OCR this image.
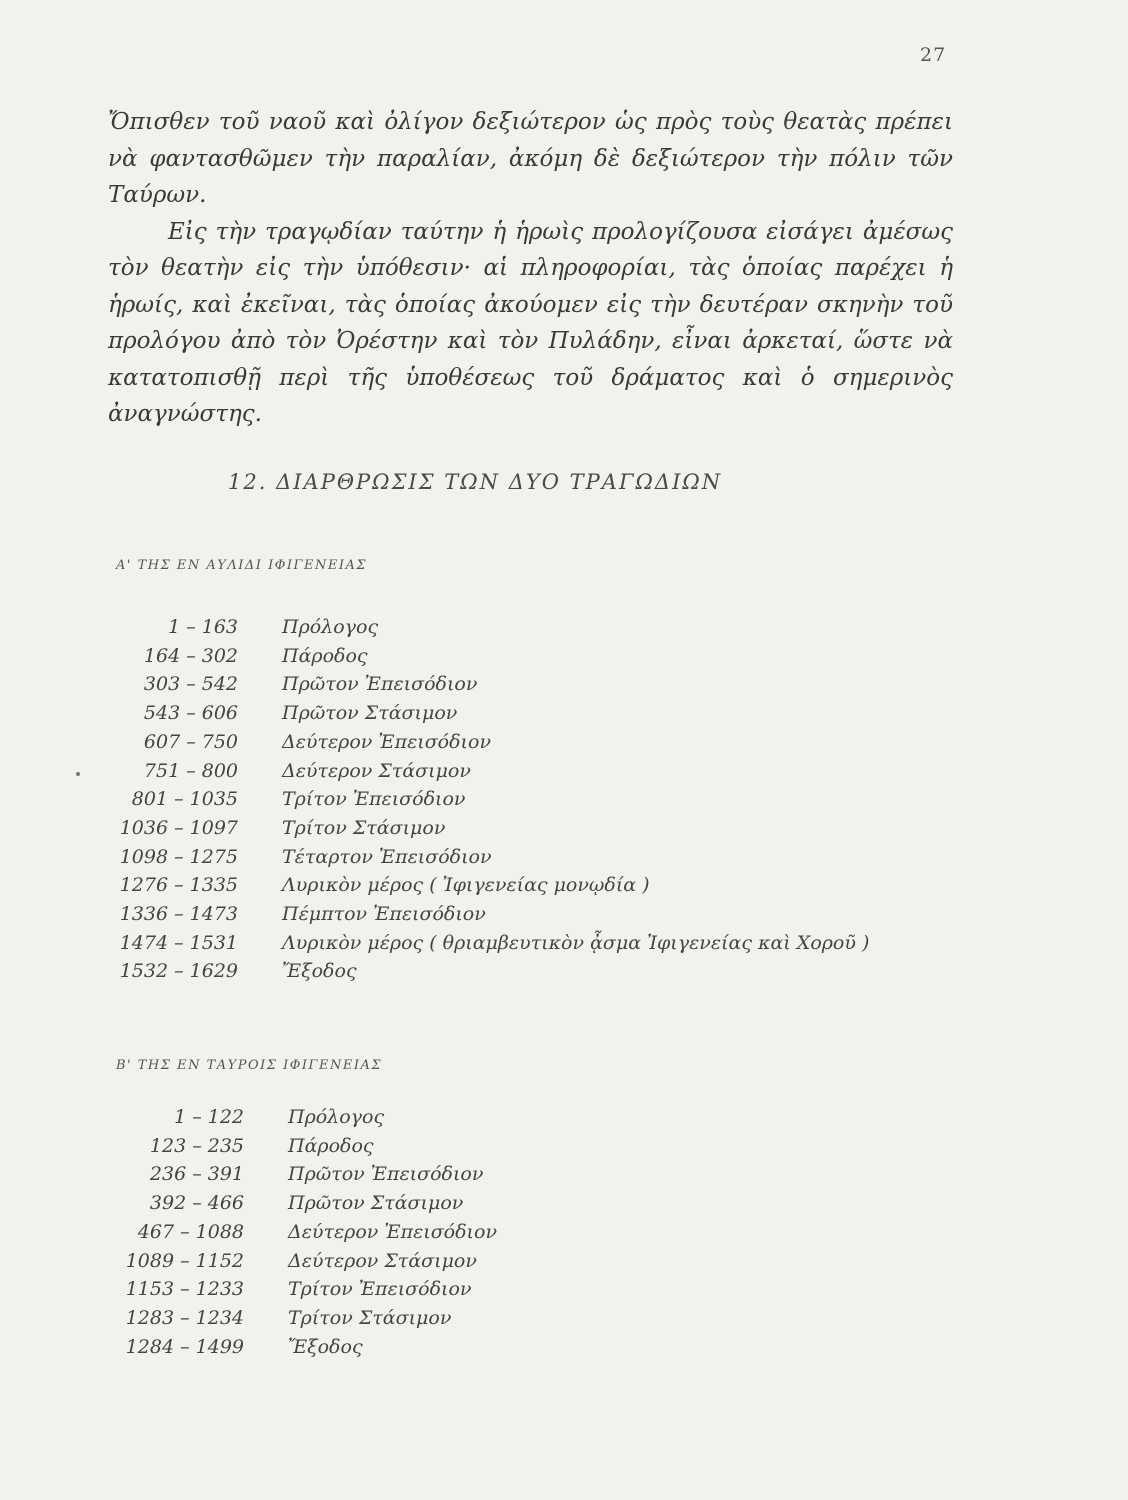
27

Ὄπισθεν τοῦ ναοῦ καὶ ὀλίγον δεξιώτερον ὡς πρὸς τοὺς θεατὰς πρέπει νὰ φαντασθῶμεν τὴν παραλίαν, ἀκόμη δὲ δεξιώτερον τὴν πόλιν τῶν Ταύρων.

Εἰς τὴν τραγῳδίαν ταύτην ἡ ἡρωὶς προλογίζουσα εἰσάγει ἀμέσως τὸν θεατὴν εἰς τὴν ὑπόθεσιν· αἱ πληροφορίαι, τὰς ὁποίας παρέχει ἡ ἡρωίς, καὶ ἐκεῖναι, τὰς ὁποίας ἀκούομεν εἰς τὴν δευτέραν σκηνὴν τοῦ προλόγου ἀπὸ τὸν Ὀρέστην καὶ τὸν Πυλάδην, εἶναι ἀρκεταί, ὥστε νὰ κατατοπισθῇ περὶ τῆς ὑποθέσεως τοῦ δράματος καὶ ὁ σημερινὸς ἀναγνώστης.

12. ΔΙΑΡΘΡΩΣΙΣ ΤΩΝ ΔΥΟ ΤΡΑΓΩΔΙΩΝ
Α' ΤΗΣ ΕΝ ΑΥΛΙΔΙ ΙΦΙΓΕΝΕΙΑΣ
1 – 163	Πρόλογος
164 – 302	Πάροδος
303 – 542	Πρῶτον Ἐπεισόδιον
543 – 606	Πρῶτον Στάσιμον
607 – 750	Δεύτερον Ἐπεισόδιον
751 – 800	Δεύτερον Στάσιμον
801 – 1035	Τρίτον Ἐπεισόδιον
1036 – 1097	Τρίτον Στάσιμον
1098 – 1275	Τέταρτον Ἐπεισόδιον
1276 – 1335	Λυρικὸν μέρος ( Ἰφιγενείας μονῳδία )
1336 – 1473	Πέμπτον Ἐπεισόδιον
1474 – 1531	Λυρικὸν μέρος ( θριαμβευτικὸν ᾆσμα Ἰφιγενείας καὶ Χοροῦ )
1532 – 1629	Ἔξοδος
Β' ΤΗΣ ΕΝ ΤΑΥΡΟΙΣ ΙΦΙΓΕΝΕΙΑΣ
1 – 122	Πρόλογος
123 – 235	Πάροδος
236 – 391	Πρῶτον Ἐπεισόδιον
392 – 466	Πρῶτον Στάσιμον
467 – 1088	Δεύτερον Ἐπεισόδιον
1089 – 1152	Δεύτερον Στάσιμον
1153 – 1233	Τρίτον Ἐπεισόδιον
1283 – 1234	Τρίτον Στάσιμον
1284 – 1499	Ἔξοδος
